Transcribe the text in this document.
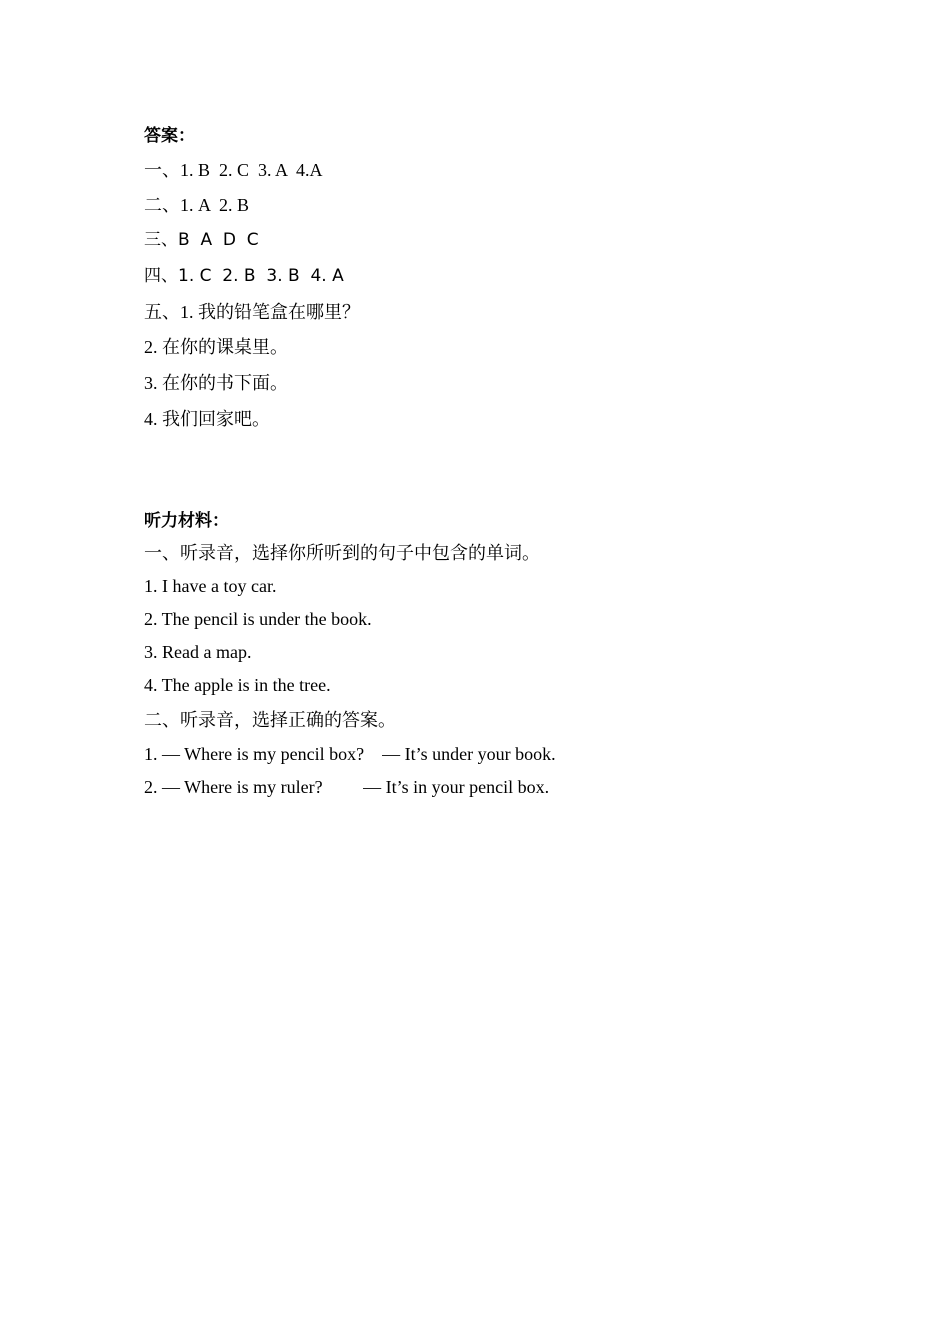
答案：
一、1. B  2. C  3. A  4.A
二、1. A  2. B
三、B  A  D  C
四、1. C  2. B  3. B  4. A
五、1. 我的铅笔盒在哪里？
2. 在你的课桌里。
3. 在你的书下面。
4. 我们回家吧。
听力材料：
一、听录音，选择你所听到的句子中包含的单词。
1. I have a toy car.
2. The pencil is under the book.
3. Read a map.
4. The apple is in the tree.
二、听录音，选择正确的答案。
1. — Where is my pencil box?    — It’s under your book.
2. — Where is my ruler?         — It’s in your pencil box.
